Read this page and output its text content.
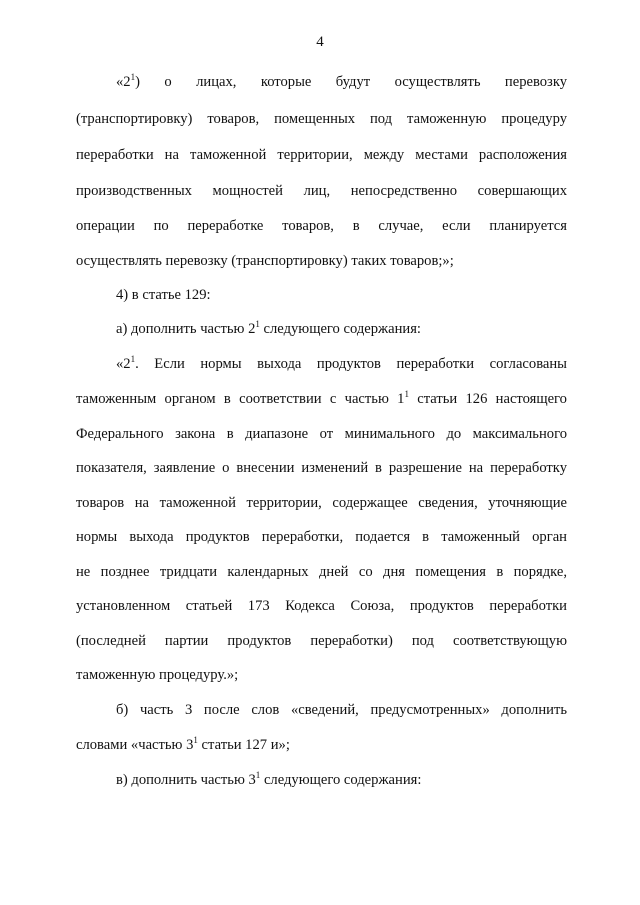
4
«$2^1$)    о    лицах,    которые    будут    осуществлять    перевозку
(транспортировку) товаров, помещенных под таможенную процедуру
переработки на таможенной территории, между местами расположения
производственных мощностей лиц, непосредственно совершающих
операции по переработке товаров, в случае, если планируется
осуществлять перевозку (транспортировку) таких товаров;»;
4) в статье 129:
а) дополнить частью $2^1$ следующего содержания:
«$2^1$. Если нормы выхода продуктов переработки согласованы
таможенным органом в соответствии с частью $1^1$ статьи 126 настоящего
Федерального закона в диапазоне от минимального до максимального
показателя, заявление о внесении изменений в разрешение на переработку
товаров на таможенной территории, содержащее сведения, уточняющие
нормы выхода продуктов переработки, подается в таможенный орган
не позднее тридцати календарных дней со дня помещения в порядке,
установленном статьей 173 Кодекса Союза, продуктов переработки
(последней партии продуктов переработки) под соответствующую
таможенную процедуру.»;
б) часть 3 после слов «сведений, предусмотренных» дополнить
словами «частью $3^1$ статьи 127 и»;
в) дополнить частью $3^1$ следующего содержания:
